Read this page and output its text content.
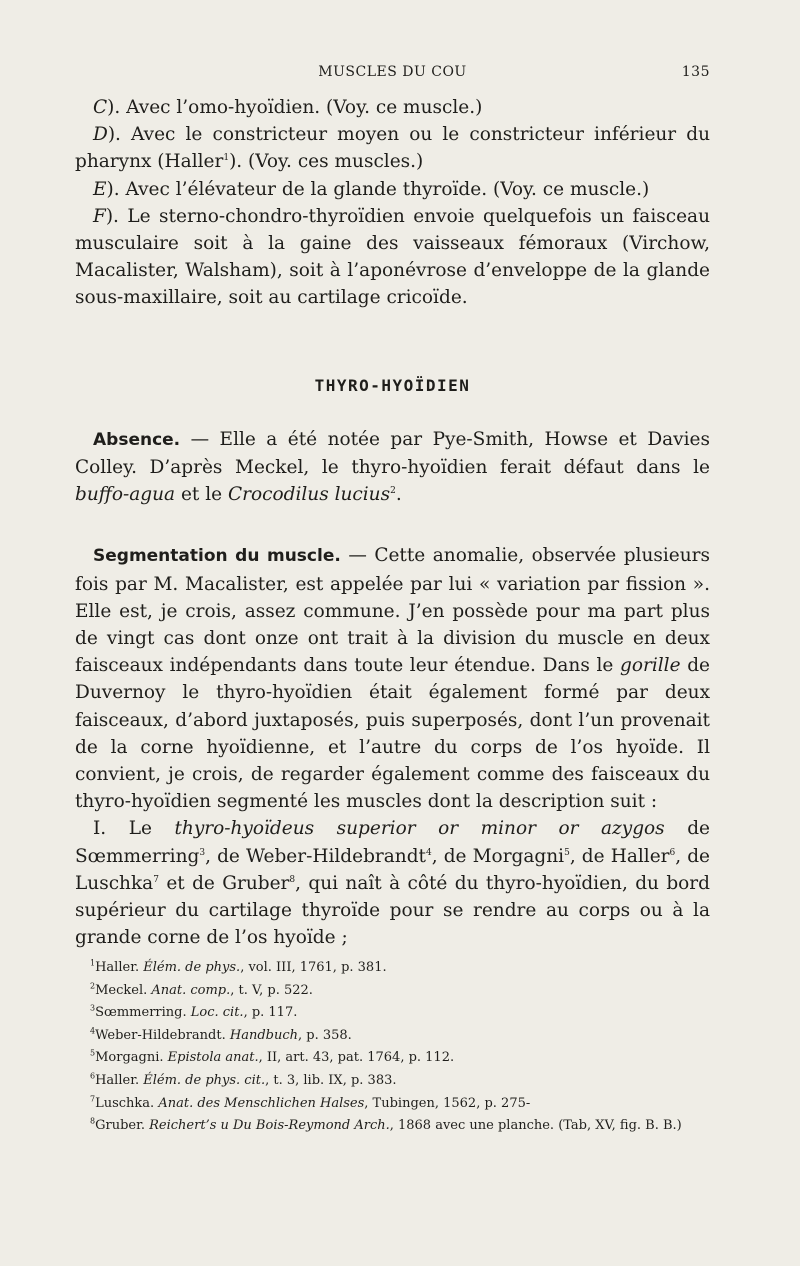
MUSCLES DU COU	135

C). Avec l’omo-hyoïdien. (Voy. ce muscle.)

D). Avec le constricteur moyen ou le constricteur inférieur du pharynx (Haller$^1$). (Voy. ces muscles.)

E). Avec l’élévateur de la glande thyroïde. (Voy. ce muscle.)

F). Le sterno-chondro-thyroïdien envoie quelquefois un faisceau musculaire soit à la gaine des vaisseaux fémoraux (Virchow, Macalister, Walsham), soit à l’aponévrose d’enveloppe de la glande sous-maxillaire, soit au cartilage cricoïde.

THYRO-HYOÏDIEN

Absence. — Elle a été notée par Pye-Smith, Howse et Davies Colley. D’après Meckel, le thyro-hyoïdien ferait défaut dans le buffo-agua et le Crocodilus lucius$^2$.

Segmentation du muscle. — Cette anomalie, observée plusieurs fois par M. Macalister, est appelée par lui « variation par fission ». Elle est, je crois, assez commune. J’en possède pour ma part plus de vingt cas dont onze ont trait à la division du muscle en deux faisceaux indépendants dans toute leur étendue. Dans le gorille de Duvernoy le thyro-hyoïdien était également formé par deux faisceaux, d’abord juxtaposés, puis superposés, dont l’un provenait de la corne hyoïdienne, et l’autre du corps de l’os hyoïde. Il convient, je crois, de regarder également comme des faisceaux du thyro-hyoïdien segmenté les muscles dont la description suit :

I. Le thyro-hyoïdeus superior or minor or azygos de Sœmmerring$^3$, de Weber-Hildebrandt$^4$, de Morgagni$^5$, de Haller$^6$, de Luschka$^7$ et de Gruber$^8$, qui naît à côté du thyro-hyoïdien, du bord supérieur du cartilage thyroïde pour se rendre au corps ou à la grande corne de l’os hyoïde ;

$^1$Haller. Élém. de phys., vol. III, 1761, p. 381.
$^2$Meckel. Anat. comp., t. V, p. 522.
$^3$Sœmmerring. Loc. cit., p. 117.
$^4$Weber-Hildebrandt. Handbuch, p. 358.
$^5$Morgagni. Epistola anat., II, art. 43, pat. 1764, p. 112.
$^6$Haller. Élém. de phys. cit., t. 3, lib. IX, p. 383.
$^7$Luschka. Anat. des Menschlichen Halses, Tubingen, 1562, p. 275-
$^8$Gruber. Reichert’s u Du Bois-Reymond Arch., 1868 avec une planche. (Tab, XV, fig. B. B.)
